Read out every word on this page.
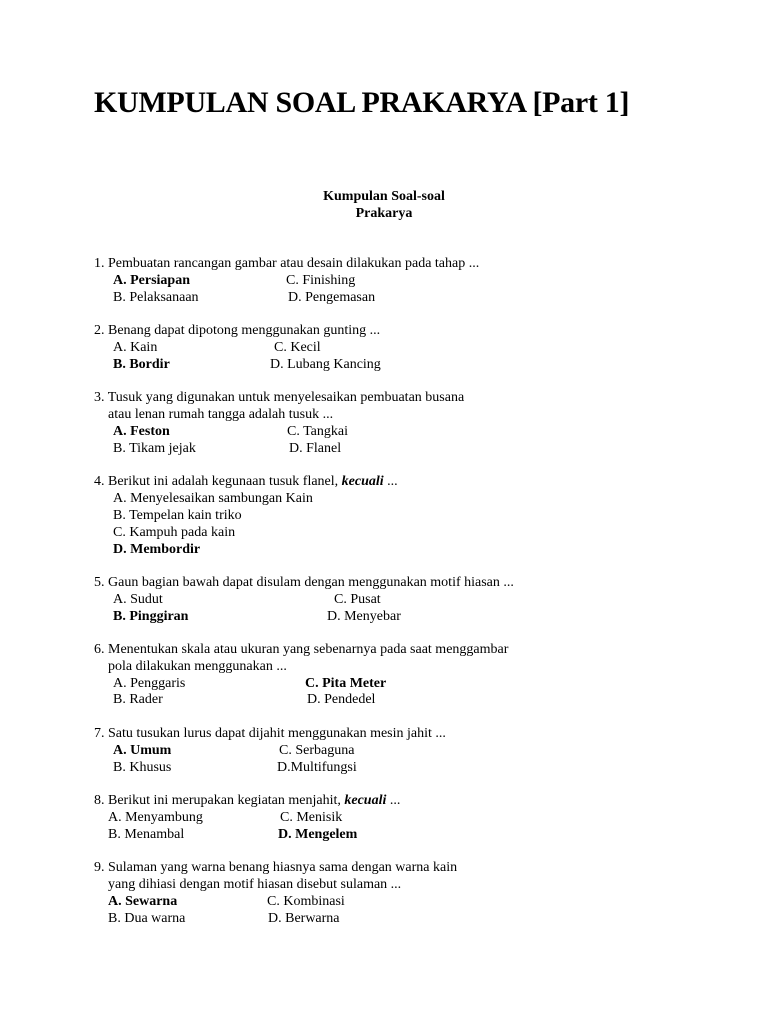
KUMPULAN SOAL PRAKARYA [Part 1]
Kumpulan Soal-soal
Prakarya
1. Pembuatan rancangan gambar atau desain dilakukan pada tahap ...
A. Persiapan	C. Finishing
B. Pelaksanaan	D. Pengemasan
2. Benang dapat dipotong menggunakan gunting ...
A. Kain	C. Kecil
B. Bordir	D. Lubang Kancing
3. Tusuk yang digunakan untuk menyelesaikan pembuatan busana
atau lenan rumah tangga adalah tusuk ...
A. Feston	C. Tangkai
B. Tikam jejak	D. Flanel
4. Berikut ini adalah kegunaan tusuk flanel, kecuali ...
A. Menyelesaikan sambungan Kain
B. Tempelan kain triko
C. Kampuh pada kain
D. Membordir
5. Gaun bagian bawah dapat disulam dengan menggunakan motif hiasan ...
A. Sudut	C. Pusat
B. Pinggiran	D. Menyebar
6. Menentukan skala atau ukuran yang sebenarnya pada saat menggambar
pola dilakukan menggunakan ...
A. Penggaris	C. Pita Meter
B. Rader	D. Pendedel
7. Satu tusukan lurus dapat dijahit menggunakan mesin jahit ...
A. Umum	C. Serbaguna
B. Khusus	D.Multifungsi
8. Berikut ini merupakan kegiatan menjahit, kecuali ...
A. Menyambung	C. Menisik
B. Menambal	D. Mengelem
9. Sulaman yang warna benang hiasnya sama dengan warna kain
yang dihiasi dengan motif hiasan disebut sulaman ...
A. Sewarna	C. Kombinasi
B. Dua warna	D. Berwarna
